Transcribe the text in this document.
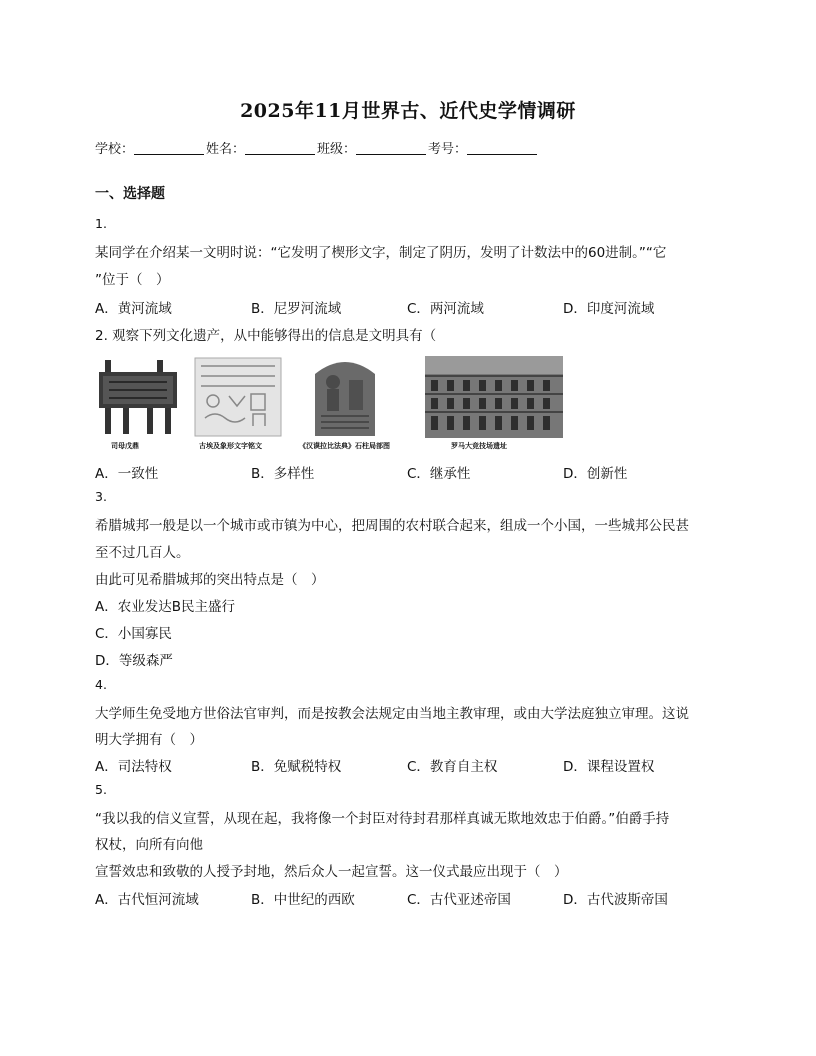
2025年11月世界古、近代史学情调研
学校：	姓名：	班级：	考号：
一、选择题
1.
某同学在介绍某一文明时说：“它发明了楔形文字，制定了阴历，发明了计数法中的60进制。”“它
”位于（　）
A．黄河流域	B．尼罗河流域	C．两河流域	D．印度河流域
2. 观察下列文化遗产，从中能够得出的信息是文明具有（
司母戊鼎	古埃及象形文字铭文	《汉谟拉比法典》石柱局部图	罗马大竞技场遗址
A．一致性	B．多样性	C．继承性	D．创新性
3.
希腊城邦一般是以一个城市或市镇为中心，把周围的农村联合起来，组成一个小国，一些城邦公民甚
至不过几百人。
由此可见希腊城邦的突出特点是（　）
A．农业发达B民主盛行
C．小国寡民
D．等级森严
4.
大学师生免受地方世俗法官审判，而是按教会法规定由当地主教审理，或由大学法庭独立审理。这说
明大学拥有（　）
A．司法特权	B．免赋税特权	C．教育自主权	D．课程设置权
5.
“我以我的信义宣誓，从现在起，我将像一个封臣对待封君那样真诚无欺地效忠于伯爵。”伯爵手持
权杖，向所有向他
宣誓效忠和致敬的人授予封地，然后众人一起宣誓。这一仪式最应出现于（　）
A．古代恒河流域	B．中世纪的西欧	C．古代亚述帝国	D．古代波斯帝国
